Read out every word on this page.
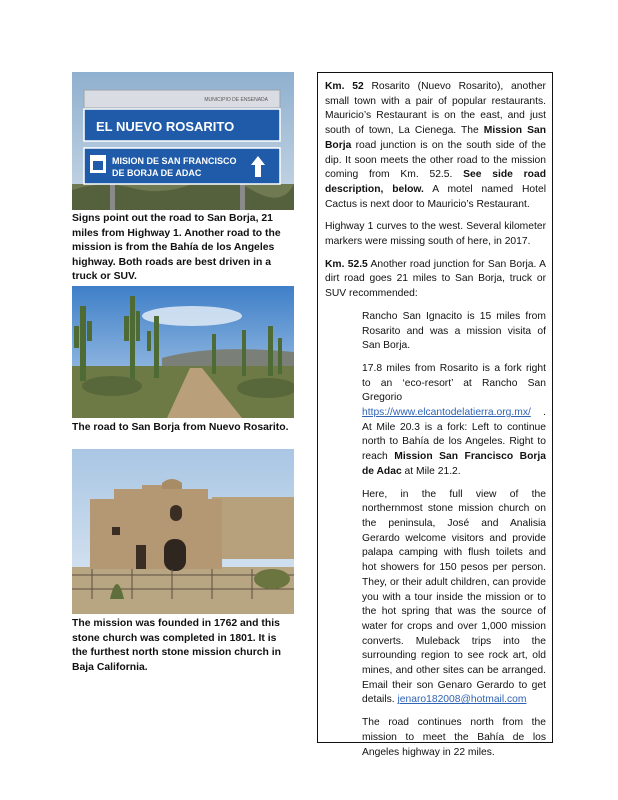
MUNICIPIO DE ENSENADA
EL NUEVO ROSARITO
MISION DE SAN FRANCISCO
DE BORJA DE ADAC
Signs point out the road to San Borja, 21 miles from Highway 1. Another road to the mission is from the Bahía de los Angeles highway. Both roads are best driven in a truck or SUV.
The road to San Borja from Nuevo Rosarito.
The mission was founded in 1762 and this stone church was completed in 1801. It is the furthest north stone mission church in Baja California.

Km. 52 Rosarito (Nuevo Rosarito), another small town with a pair of popular restaurants. Mauricio’s Restaurant is on the east, and just south of town, La Cienega. The Mission San Borja road junction is on the south side of the dip. It soon meets the other road to the mission coming from Km. 52.5. See side road description, below. A motel named Hotel Cactus is next door to Mauricio’s Restaurant.

Highway 1 curves to the west. Several kilometer markers were missing south of here, in 2017.

Km. 52.5 Another road junction for San Borja. A dirt road goes 21 miles to San Borja, truck or SUV recommended:

Rancho San Ignacito is 15 miles from Rosarito and was a mission visita of San Borja.

17.8 miles from Rosarito is a fork right to an ‘eco-resort’ at Rancho San Gregorio https://www.elcantodelatierra.org.mx/ . At Mile 20.3 is a fork: Left to continue north to Bahía de los Angeles. Right to reach Mission San Francisco Borja de Adac at Mile 21.2.

Here, in the full view of the northernmost stone mission church on the peninsula, José and Analisia Gerardo welcome visitors and provide palapa camping with flush toilets and hot showers for 150 pesos per person. They, or their adult children, can provide you with a tour inside the mission or to the hot spring that was the source of water for crops and over 1,000 mission converts. Muleback trips into the surrounding region to see rock art, old mines, and other sites can be arranged. Email their son Genaro Gerardo to get details. jenaro182008@hotmail.com

The road continues north from the mission to meet the Bahía de los Angeles highway in 22 miles.
